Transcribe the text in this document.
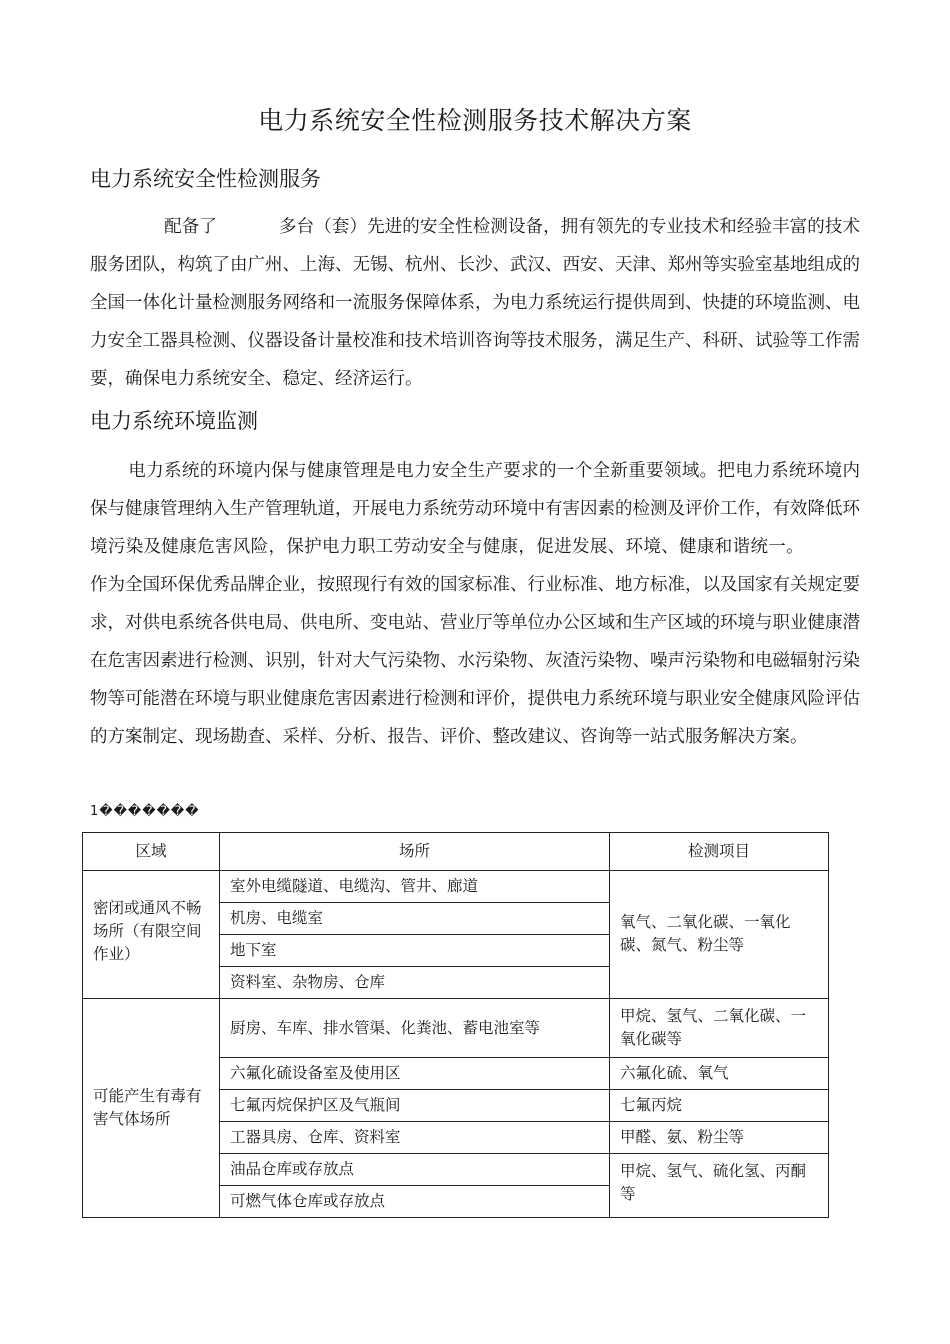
电力系统安全性检测服务技术解决方案
电力系统安全性检测服务

配备了	多台（套）先进的安全性检测设备，拥有领先的专业技术和经验丰富的技术服务团队，构筑了由广州、上海、无锡、杭州、长沙、武汉、西安、天津、郑州等实验室基地组成的全国一体化计量检测服务网络和一流服务保障体系，为电力系统运行提供周到、快捷的环境监测、电力安全工器具检测、仪器设备计量校准和技术培训咨询等技术服务，满足生产、科研、试验等工作需要，确保电力系统安全、稳定、经济运行。

电力系统环境监测

电力系统的环境内保与健康管理是电力安全生产要求的一个全新重要领域。把电力系统环境内保与健康管理纳入生产管理轨道，开展电力系统劳动环境中有害因素的检测及评价工作，有效降低环境污染及健康危害风险，保护电力职工劳动安全与健康，促进发展、环境、健康和谐统一。作为全国环保优秀品牌企业，按照现行有效的国家标准、行业标准、地方标准，以及国家有关规定要求，对供电系统各供电局、供电所、变电站、营业厅等单位办公区域和生产区域的环境与职业健康潜在危害因素进行检测、识别，针对大气污染物、水污染物、灰渣污染物、噪声污染物和电磁辐射污染物等可能潜在环境与职业健康危害因素进行检测和评价，提供电力系统环境与职业安全健康风险评估的方案制定、现场勘查、采样、分析、报告、评价、整改建议、咨询等一站式服务解决方案。

1�������
区域	场所	检测项目
密闭或通风不畅场所（有限空间作业）	室外电缆隧道、电缆沟、管井、廊道	氧气、二氧化碳、一氧化碳、氮气、粉尘等
	机房、电缆室	
	地下室	
	资料室、杂物房、仓库	
可能产生有毒有害气体场所	厨房、车库、排水管渠、化粪池、蓄电池室等	甲烷、氢气、二氧化碳、一氧化碳等
	六氟化硫设备室及使用区	六氟化硫、氧气
	七氟丙烷保护区及气瓶间	七氟丙烷
	工器具房、仓库、资料室	甲醛、氨、粉尘等
	油品仓库或存放点	甲烷、氢气、硫化氢、丙酮等
	可燃气体仓库或存放点	
